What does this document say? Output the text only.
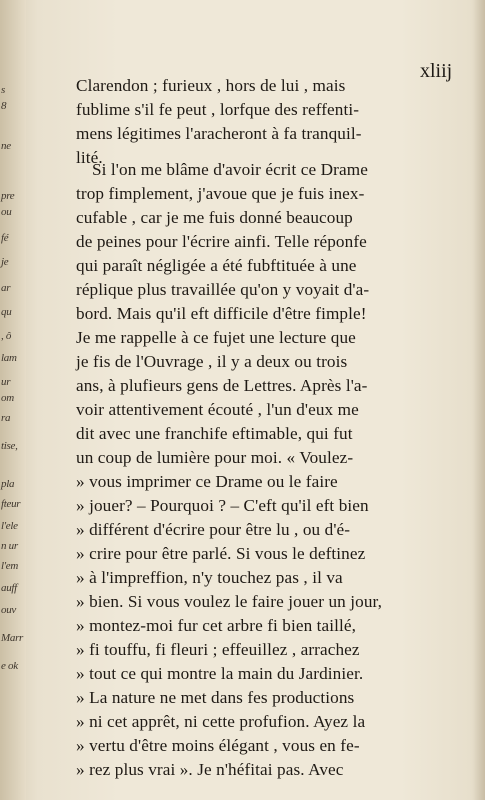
s
8
ne
pre
ou
fé
je
ar
qu
, ô
lam
ur
om
ra
tise,
pla
fteur
l'ele
n ur
l'em
auff
ouv
Marr
e ok
xliij
Clarendon ; furieux , hors de lui , mais
fublime s'il fe peut , lorfque des reffenti-
mens légitimes l'aracheront à fa tranquil-
lité.
Si l'on me blâme d'avoir écrit ce Drame
trop fimplement, j'avoue que je fuis inex-
cufable , car je me fuis donné beaucoup
de peines pour l'écrire ainfi. Telle réponfe
qui paraît négligée a été fubftituée à une
réplique plus travaillée qu'on y voyait d'a-
bord. Mais qu'il eft difficile d'être fimple!
Je me rappelle à ce fujet une lecture que
je fis de l'Ouvrage , il y a deux ou trois
ans, à plufieurs gens de Lettres. Après l'a-
voir attentivement écouté , l'un d'eux me
dit avec une franchife eftimable, qui fut
un coup de lumière pour moi. « Voulez-
» vous imprimer ce Drame ou le faire
» jouer? – Pourquoi ? – C'eft qu'il eft bien
» différent d'écrire pour être lu , ou d'é-
» crire pour être parlé. Si vous le deftinez
» à l'impreffion, n'y touchez pas , il va
» bien. Si vous voulez le faire jouer un jour,
» montez-moi fur cet arbre fi bien taillé,
» fi touffu, fi fleuri ; effeuillez , arrachez
» tout ce qui montre la main du Jardinier.
» La nature ne met dans fes productions
» ni cet apprêt, ni cette profufion. Ayez la
» vertu d'être moins élégant , vous en fe-
» rez plus vrai ». Je n'héfitai pas. Avec
